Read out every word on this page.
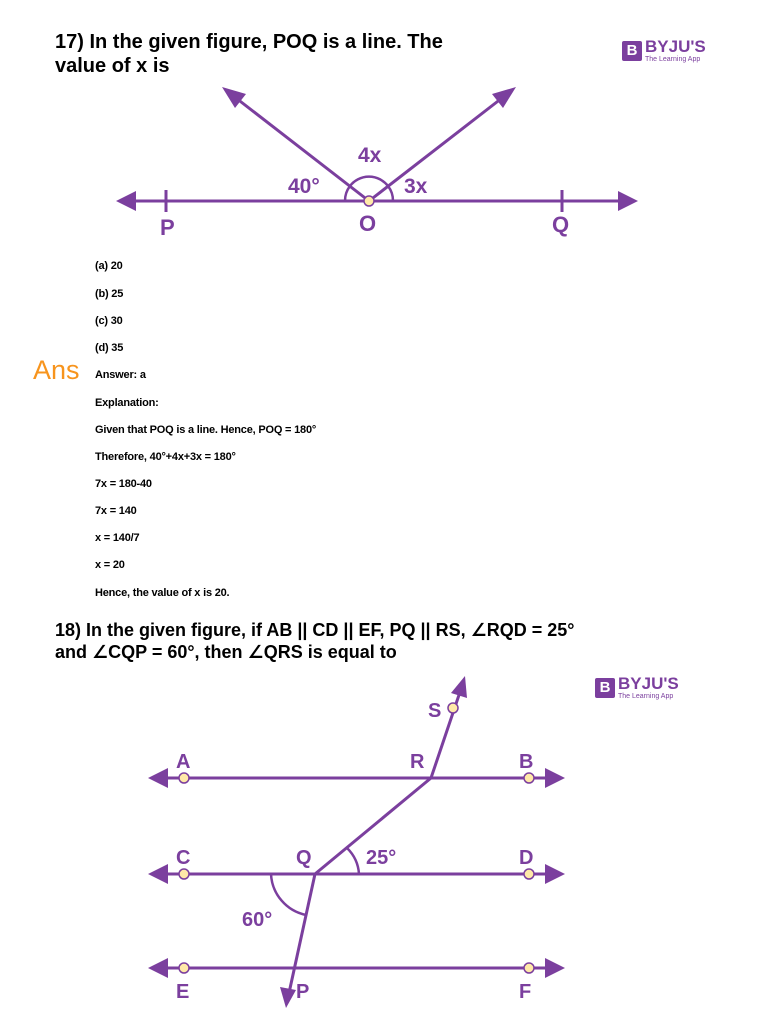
17) In the given figure, POQ is a line. The
value of x is
B BYJU'S
The Learning App
P	O	Q
40°
4x
3x
(a) 20
(b) 25
(c) 30
(d) 35
Ans Answer: a
Explanation:
Given that POQ is a line. Hence, POQ = 180°
Therefore, 40°+4x+3x = 180°
7x = 180-40
7x = 140
x = 140/7
x = 20
Hence, the value of x is 20.
18) In the given figure, if AB || CD || EF, PQ || RS, ∠RQD = 25°
and ∠CQP = 60°, then ∠QRS is equal to
B BYJU'S
The Learning App
A	B
R
S
C	Q	D
25°
60°
E	P	F
